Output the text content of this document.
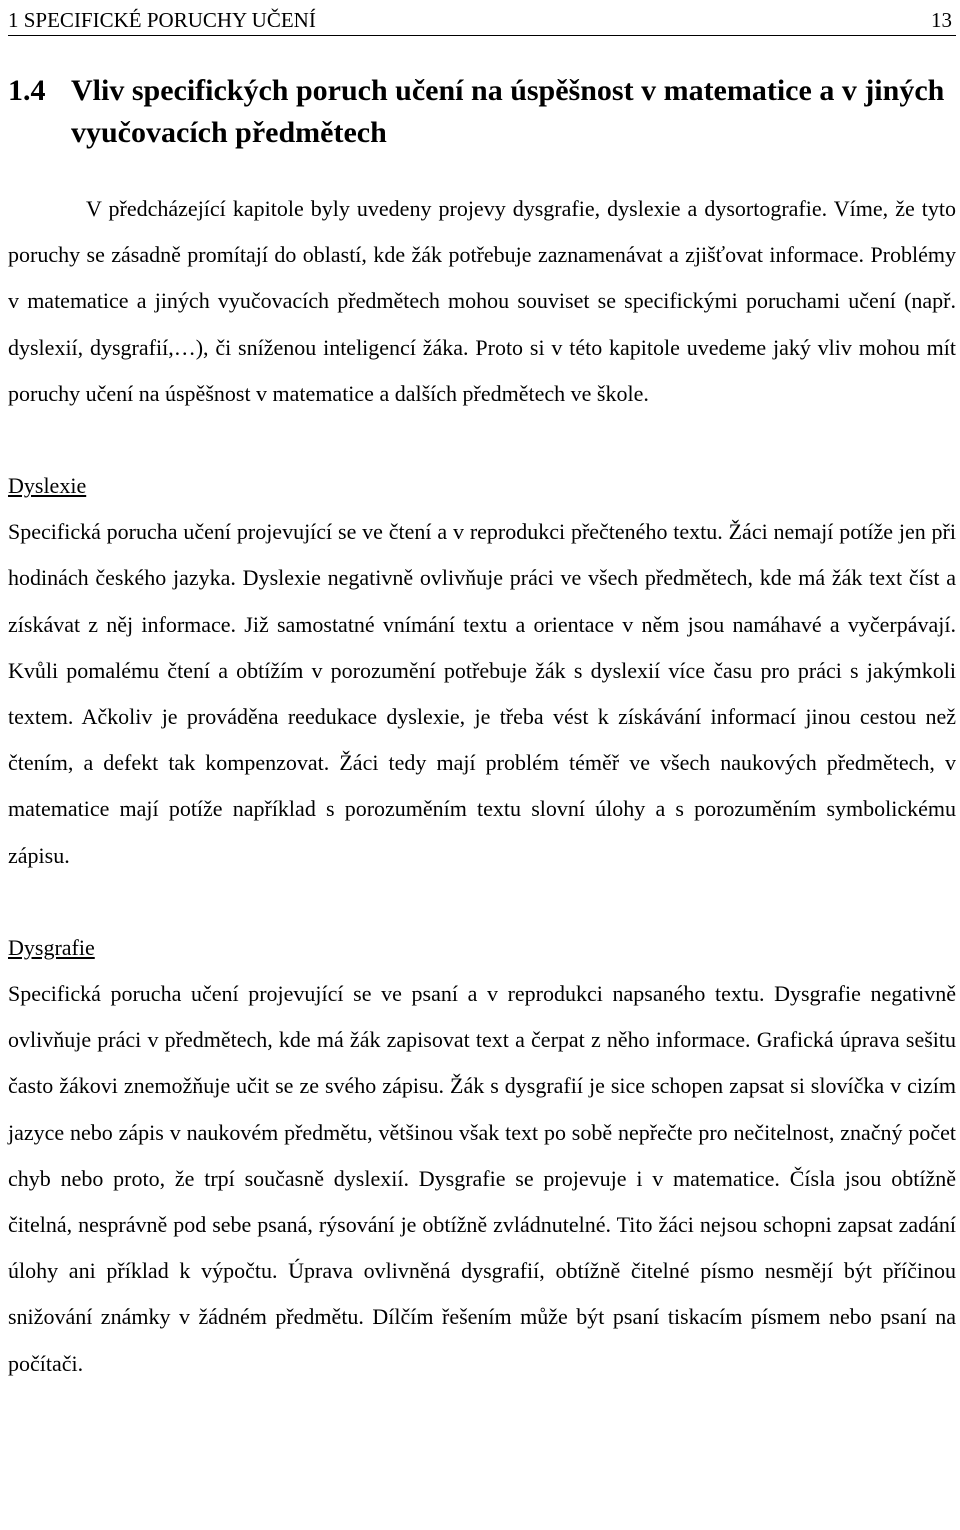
1 SPECIFICKÉ PORUCHY UČENÍ	13
1.4 Vliv specifických poruch učení na úspěšnost v matematice a v jiných vyučovacích předmětech

V předcházející kapitole byly uvedeny projevy dysgrafie, dyslexie a dysortografie. Víme, že tyto poruchy se zásadně promítají do oblastí, kde žák potřebuje zaznamenávat a zjišťovat informace. Problémy v matematice a jiných vyučovacích předmětech mohou souviset se specifickými poruchami učení (např. dyslexií, dysgrafií,…), či sníženou inteligencí žáka. Proto si v této kapitole uvedeme jaký vliv mohou mít poruchy učení na úspěšnost v matematice a dalších předmětech ve škole.

Dyslexie

Specifická porucha učení projevující se ve čtení a v reprodukci přečteného textu. Žáci nemají potíže jen při hodinách českého jazyka. Dyslexie negativně ovlivňuje práci ve všech předmětech, kde má žák text číst a získávat z něj informace. Již samostatné vnímání textu a orientace v něm jsou namáhavé a vyčerpávají. Kvůli pomalému čtení a obtížím v porozumění potřebuje žák s dyslexií více času pro práci s jakýmkoli textem. Ačkoliv je prováděna reedukace dyslexie, je třeba vést k získávání informací jinou cestou než čtením, a defekt tak kompenzovat. Žáci tedy mají problém téměř ve všech naukových předmětech, v matematice mají potíže například s porozuměním textu slovní úlohy a s porozuměním symbolickému zápisu.

Dysgrafie

Specifická porucha učení projevující se ve psaní a v reprodukci napsaného textu. Dysgrafie negativně ovlivňuje práci v předmětech, kde má žák zapisovat text a čerpat z něho informace. Grafická úprava sešitu často žákovi znemožňuje učit se ze svého zápisu. Žák s dysgrafií je sice schopen zapsat si slovíčka v cizím jazyce nebo zápis v naukovém předmětu, většinou však text po sobě nepřečte pro nečitelnost, značný počet chyb nebo proto, že trpí současně dyslexií. Dysgrafie se projevuje i v matematice. Čísla jsou obtížně čitelná, nesprávně pod sebe psaná, rýsování je obtížně zvládnutelné. Tito žáci nejsou schopni zapsat zadání úlohy ani příklad k výpočtu. Úprava ovlivněná dysgrafií, obtížně čitelné písmo nesmějí být příčinou snižování známky v žádném předmětu. Dílčím řešením může být psaní tiskacím písmem nebo psaní na počítači.
